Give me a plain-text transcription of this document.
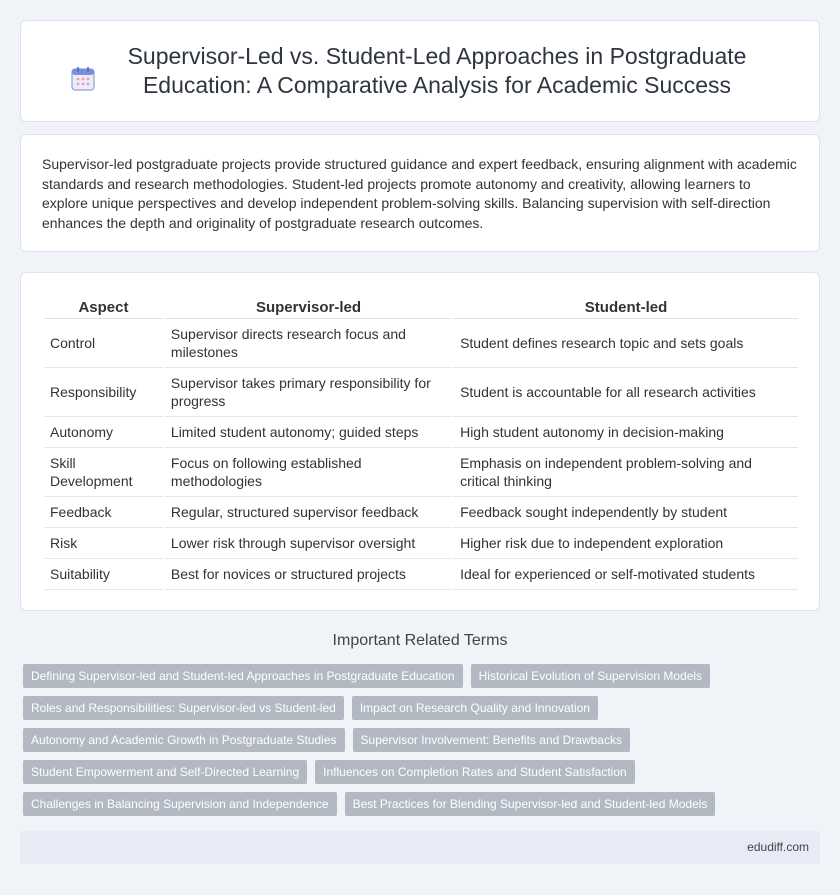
Supervisor-Led vs. Student-Led Approaches in Postgraduate Education: A Comparative Analysis for Academic Success

Supervisor-led postgraduate projects provide structured guidance and expert feedback, ensuring alignment with academic standards and research methodologies. Student-led projects promote autonomy and creativity, allowing learners to explore unique perspectives and develop independent problem-solving skills. Balancing supervision with self-direction enhances the depth and originality of postgraduate research outcomes.

Aspect	Supervisor-led	Student-led
Control	Supervisor directs research focus and milestones	Student defines research topic and sets goals
Responsibility	Supervisor takes primary responsibility for progress	Student is accountable for all research activities
Autonomy	Limited student autonomy; guided steps	High student autonomy in decision-making
Skill Development	Focus on following established methodologies	Emphasis on independent problem-solving and critical thinking
Feedback	Regular, structured supervisor feedback	Feedback sought independently by student
Risk	Lower risk through supervisor oversight	Higher risk due to independent exploration
Suitability	Best for novices or structured projects	Ideal for experienced or self-motivated students
Important Related Terms
Defining Supervisor-led and Student-led Approaches in Postgraduate Education	Historical Evolution of Supervision Models
Roles and Responsibilities: Supervisor-led vs Student-led	Impact on Research Quality and Innovation
Autonomy and Academic Growth in Postgraduate Studies	Supervisor Involvement: Benefits and Drawbacks
Student Empowerment and Self-Directed Learning	Influences on Completion Rates and Student Satisfaction
Challenges in Balancing Supervision and Independence	Best Practices for Blending Supervisor-led and Student-led Models
edudiff.com
